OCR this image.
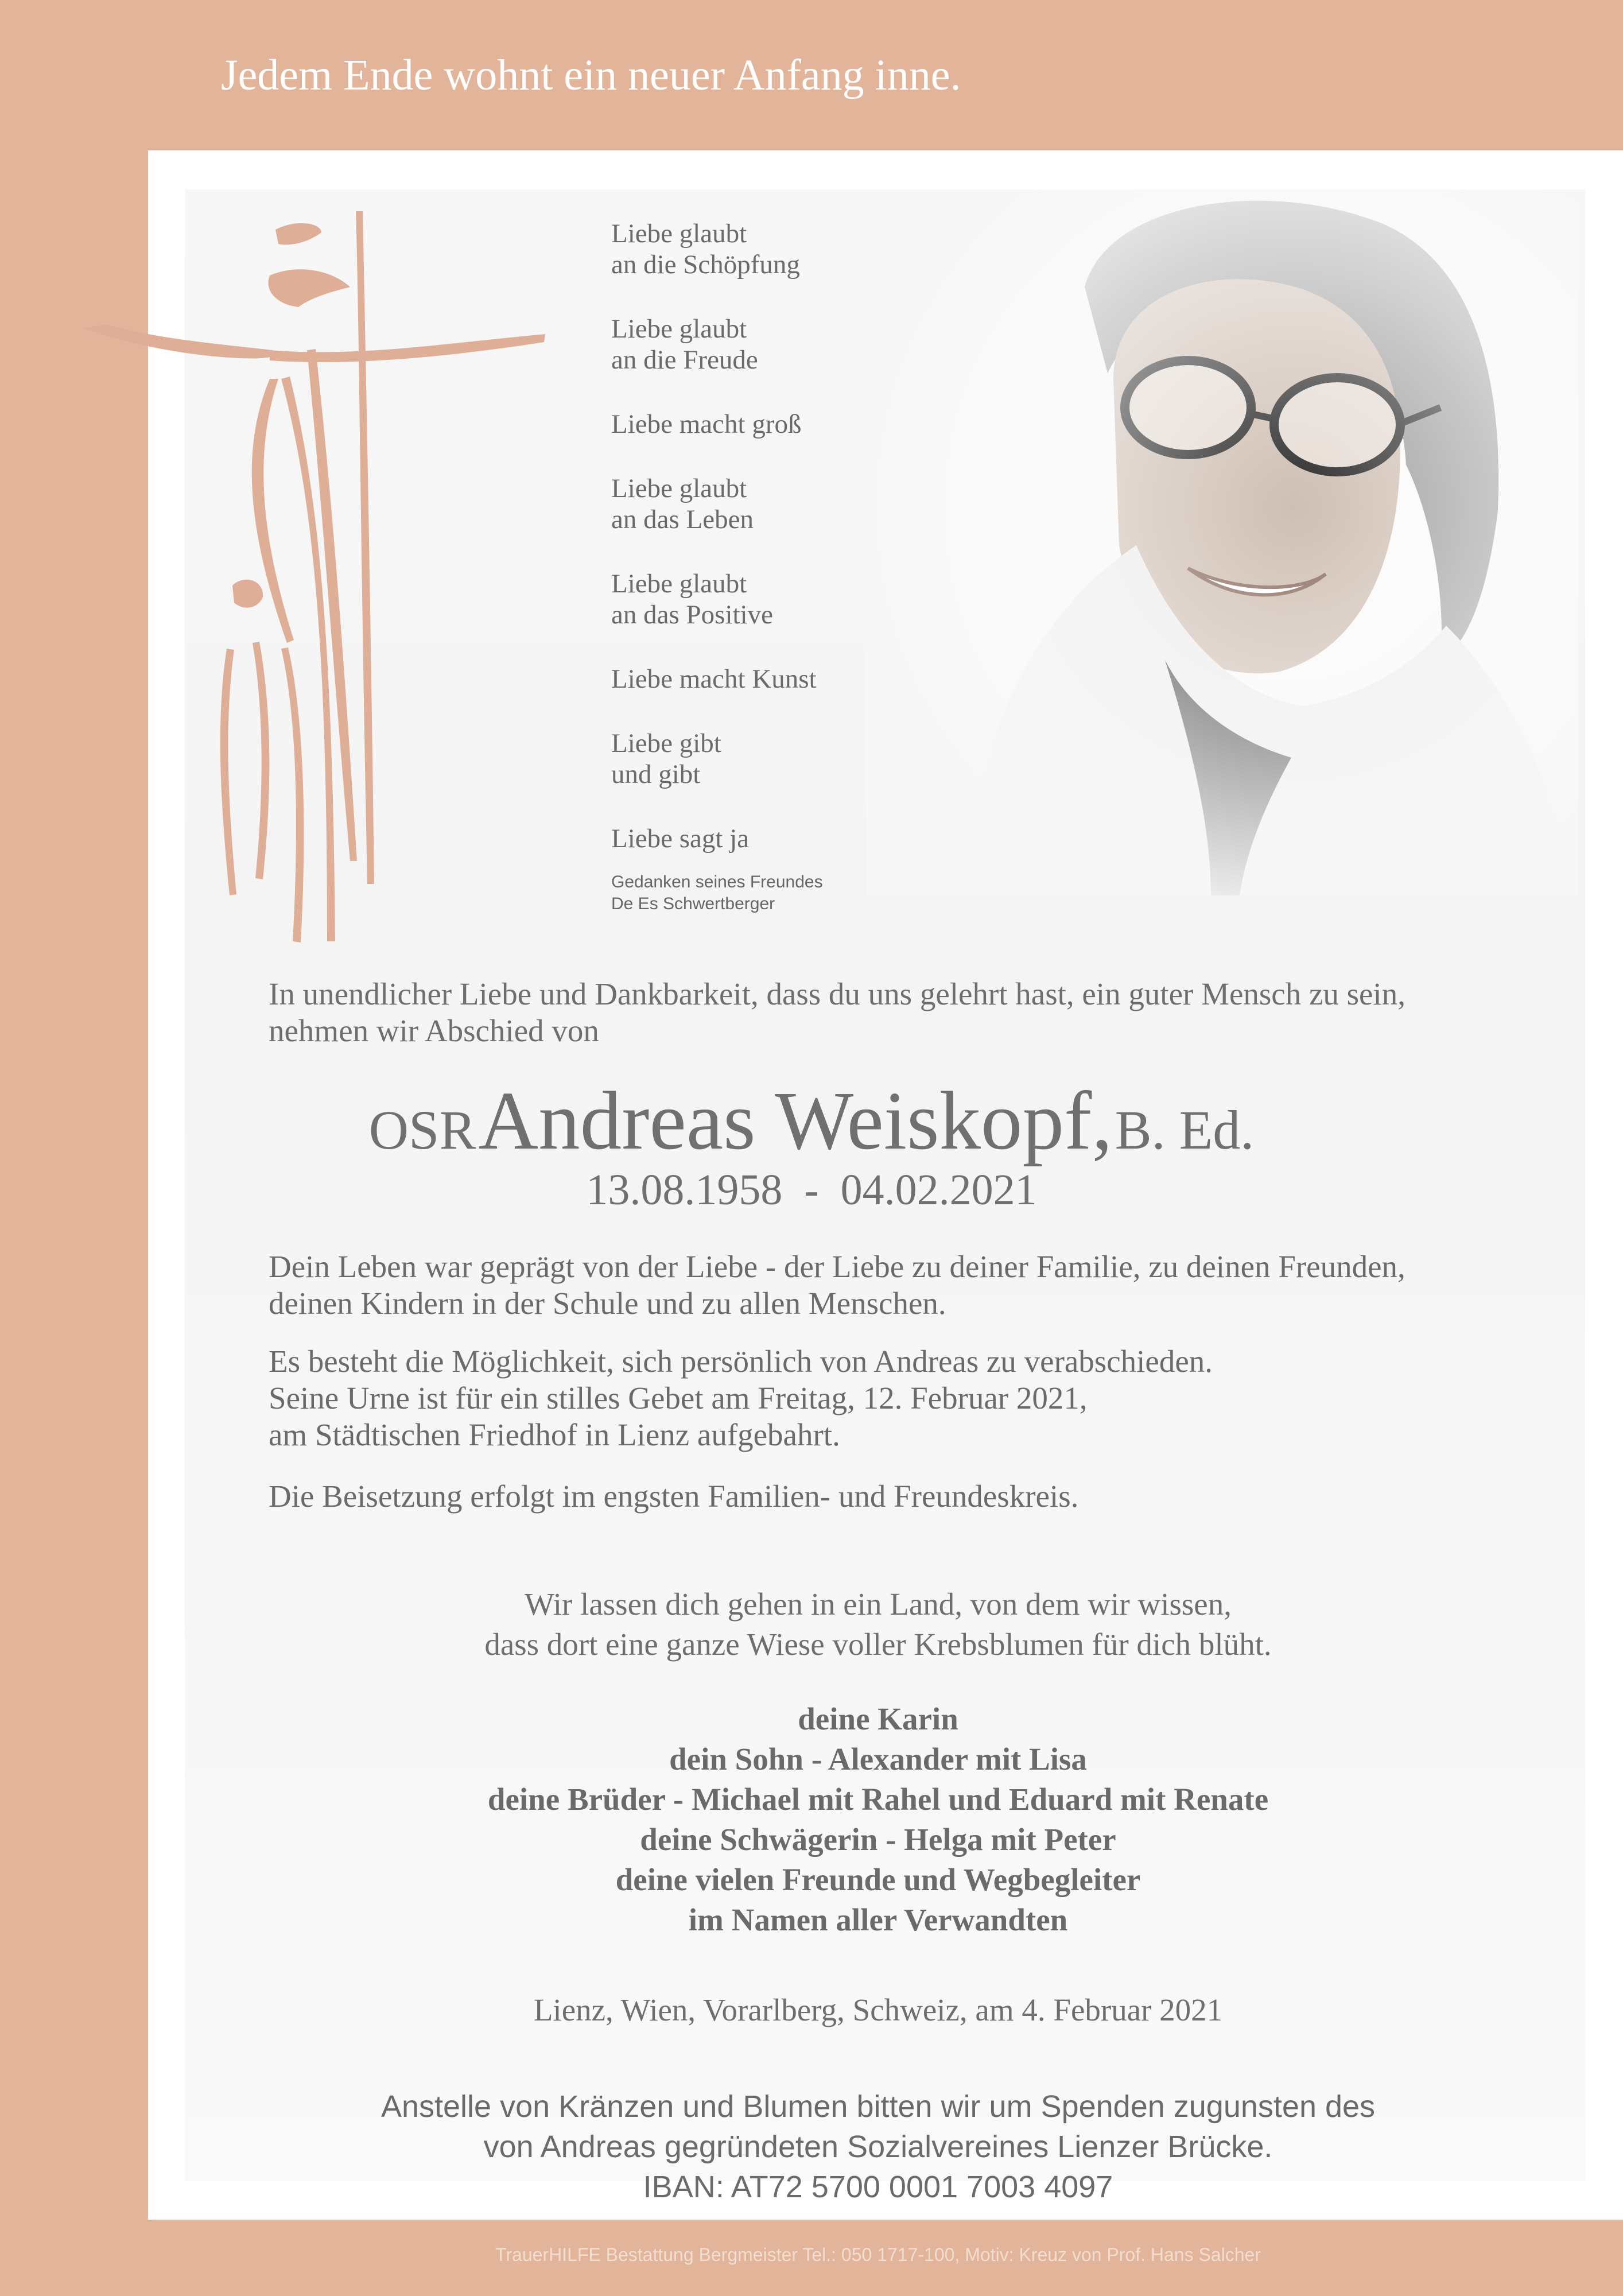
Jedem Ende wohnt ein neuer Anfang inne.
Liebe glaubt
an die Schöpfung
Liebe glaubt
an die Freude
Liebe macht groß
Liebe glaubt
an das Leben
Liebe glaubt
an das Positive
Liebe macht Kunst
Liebe gibt
und gibt
Liebe sagt ja
Gedanken seines Freundes
De Es Schwertberger
In unendlicher Liebe und Dankbarkeit, dass du uns gelehrt hast, ein guter Mensch zu sein,
nehmen wir Abschied von
OSR Andreas Weiskopf, B. Ed.
13.08.1958  -  04.02.2021
Dein Leben war geprägt von der Liebe - der Liebe zu deiner Familie, zu deinen Freunden,
deinen Kindern in der Schule und zu allen Menschen.
Es besteht die Möglichkeit, sich persönlich von Andreas zu verabschieden.
Seine Urne ist für ein stilles Gebet am Freitag, 12. Februar 2021,
am Städtischen Friedhof in Lienz aufgebahrt.
Die Beisetzung erfolgt im engsten Familien- und Freundeskreis.
Wir lassen dich gehen in ein Land, von dem wir wissen,
dass dort eine ganze Wiese voller Krebsblumen für dich blüht.
deine Karin
dein Sohn - Alexander mit Lisa
deine Brüder - Michael mit Rahel und Eduard mit Renate
deine Schwägerin - Helga mit Peter
deine vielen Freunde und Wegbegleiter
im Namen aller Verwandten
Lienz, Wien, Vorarlberg, Schweiz, am 4. Februar 2021
Anstelle von Kränzen und Blumen bitten wir um Spenden zugunsten des
von Andreas gegründeten Sozialvereines Lienzer Brücke.
IBAN: AT72 5700 0001 7003 4097
TrauerHILFE Bestattung Bergmeister Tel.: 050 1717-100, Motiv: Kreuz von Prof. Hans Salcher
